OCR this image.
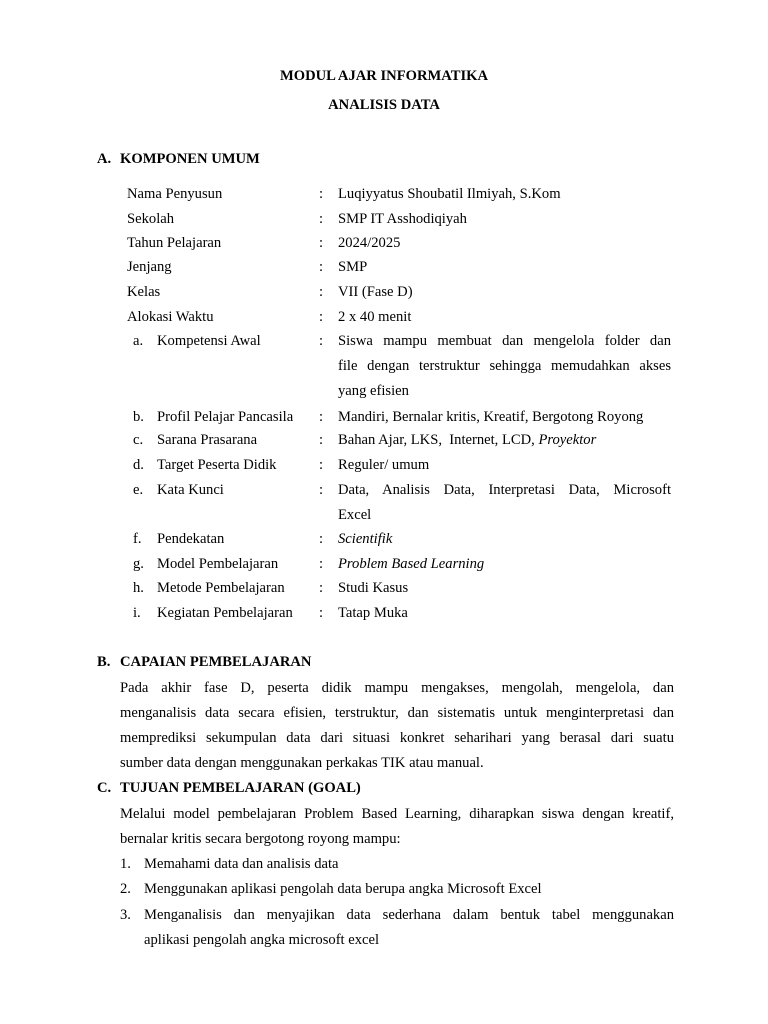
MODUL AJAR INFORMATIKA
ANALISIS DATA
A. KOMPONEN UMUM
Nama Penyusun	: Luqiyyatus Shoubatil Ilmiyah, S.Kom
Sekolah	: SMP IT Asshodiqiyah
Tahun Pelajaran	: 2024/2025
Jenjang	: SMP
Kelas	: VII (Fase D)
Alokasi Waktu	: 2 x 40 menit
a. Kompetensi Awal	: Siswa mampu membuat dan mengelola folder dan
file dengan terstruktur sehingga memudahkan akses
yang efisien
b. Profil Pelajar Pancasila : Mandiri, Bernalar kritis, Kreatif, Bergotong Royong
c. Sarana Prasarana	: Bahan Ajar, LKS,  Internet, LCD, Proyektor
d. Target Peserta Didik	: Reguler/ umum
e. Kata Kunci	: Data, Analisis Data, Interpretasi Data, Microsoft
Excel
f. Pendekatan	: Scientifik
g. Model Pembelajaran	: Problem Based Learning
h. Metode Pembelajaran : Studi Kasus
i. Kegiatan Pembelajaran : Tatap Muka
B. CAPAIAN PEMBELAJARAN
Pada akhir fase D, peserta didik mampu mengakses, mengolah, mengelola, dan
menganalisis data secara efisien, terstruktur, dan sistematis untuk menginterpretasi dan
memprediksi sekumpulan data dari situasi konkret seharihari yang berasal dari suatu
sumber data dengan menggunakan perkakas TIK atau manual.
C. TUJUAN PEMBELAJARAN (GOAL)
Melalui model pembelajaran Problem Based Learning, diharapkan siswa dengan kreatif,
bernalar kritis secara bergotong royong mampu:
1. Memahami data dan analisis data
2. Menggunakan aplikasi pengolah data berupa angka Microsoft Excel
3. Menganalisis dan menyajikan data sederhana dalam bentuk tabel menggunakan
aplikasi pengolah angka microsoft excel
